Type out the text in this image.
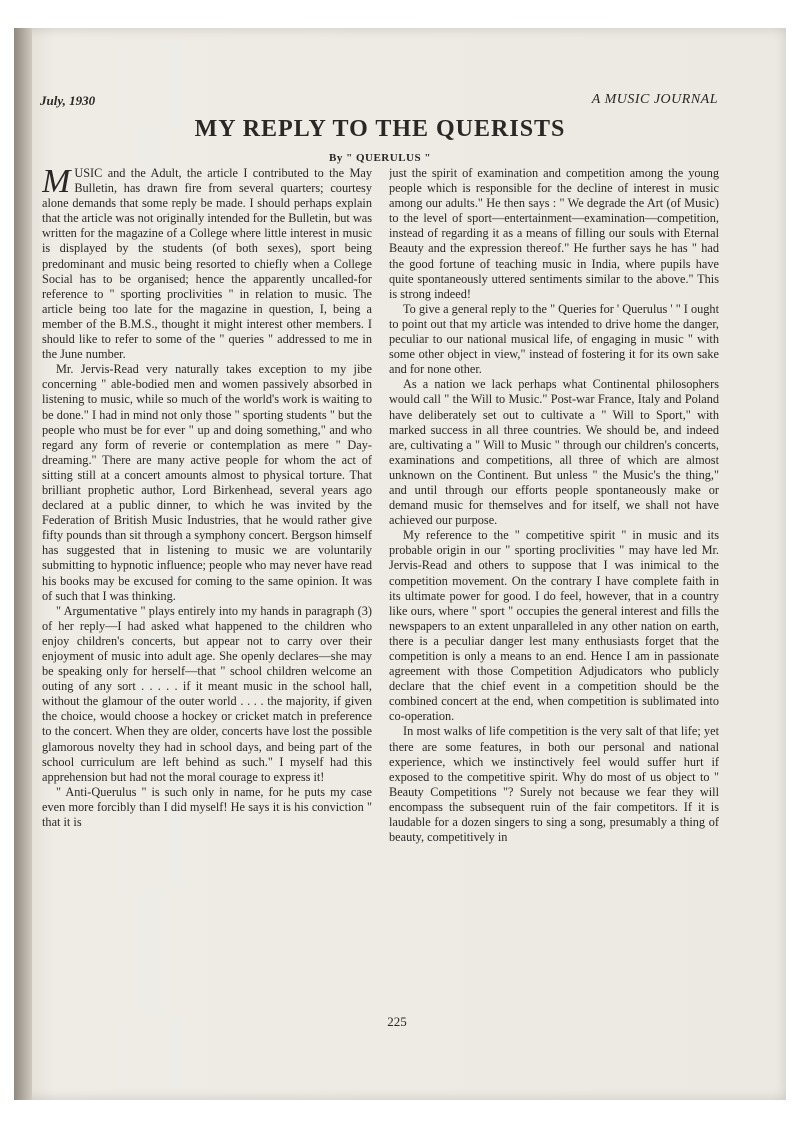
July, 1930	A MUSIC JOURNAL
MY REPLY TO THE QUERISTS
By " QUERULUS "

MUSIC and the Adult, the article I contributed to the May Bulletin, has drawn fire from several quarters; courtesy alone demands that some reply be made. I should perhaps explain that the article was not originally intended for the Bulletin, but was written for the magazine of a College where little interest in music is displayed by the students (of both sexes), sport being predominant and music being resorted to chiefly when a College Social has to be organised; hence the apparently uncalled-for reference to " sporting proclivities " in relation to music. The article being too late for the magazine in question, I, being a member of the B.M.S., thought it might interest other members. I should like to refer to some of the " queries " addressed to me in the June number.

Mr. Jervis-Read very naturally takes exception to my jibe concerning " able-bodied men and women passively absorbed in listening to music, while so much of the world's work is waiting to be done." I had in mind not only those " sporting students " but the people who must be for ever " up and doing something," and who regard any form of reverie or contemplation as mere " Day-dreaming." There are many active people for whom the act of sitting still at a concert amounts almost to physical torture. That brilliant prophetic author, Lord Birkenhead, several years ago declared at a public dinner, to which he was invited by the Federation of British Music Industries, that he would rather give fifty pounds than sit through a symphony concert. Bergson himself has suggested that in listening to music we are voluntarily submitting to hypnotic influence; people who may never have read his books may be excused for coming to the same opinion. It was of such that I was thinking.

" Argumentative " plays entirely into my hands in paragraph (3) of her reply—I had asked what happened to the children who enjoy children's concerts, but appear not to carry over their enjoyment of music into adult age. She openly declares—she may be speaking only for herself—that " school children welcome an outing of any sort . . . . . if it meant music in the school hall, without the glamour of the outer world . . . . the majority, if given the choice, would choose a hockey or cricket match in preference to the concert. When they are older, concerts have lost the possible glamorous novelty they had in school days, and being part of the school curriculum are left behind as such." I myself had this apprehension but had not the moral courage to express it!

" Anti-Querulus " is such only in name, for he puts my case even more forcibly than I did myself! He says it is his conviction " that it is

just the spirit of examination and competition among the young people which is responsible for the decline of interest in music among our adults." He then says : " We degrade the Art (of Music) to the level of sport—entertainment—examination—competition, instead of regarding it as a means of filling our souls with Eternal Beauty and the expression thereof." He further says he has " had the good fortune of teaching music in India, where pupils have quite spontaneously uttered sentiments similar to the above." This is strong indeed!

To give a general reply to the " Queries for ' Querulus ' " I ought to point out that my article was intended to drive home the danger, peculiar to our national musical life, of engaging in music " with some other object in view," instead of fostering it for its own sake and for none other.

As a nation we lack perhaps what Continental philosophers would call " the Will to Music." Post-war France, Italy and Poland have deliberately set out to cultivate a " Will to Sport," with marked success in all three countries. We should be, and indeed are, cultivating a " Will to Music " through our children's concerts, examinations and competitions, all three of which are almost unknown on the Continent. But unless " the Music's the thing," and until through our efforts people spontaneously make or demand music for themselves and for itself, we shall not have achieved our purpose.

My reference to the " competitive spirit " in music and its probable origin in our " sporting proclivities " may have led Mr. Jervis-Read and others to suppose that I was inimical to the competition movement. On the contrary I have complete faith in its ultimate power for good. I do feel, however, that in a country like ours, where " sport " occupies the general interest and fills the newspapers to an extent unparalleled in any other nation on earth, there is a peculiar danger lest many enthusiasts forget that the competition is only a means to an end. Hence I am in passionate agreement with those Competition Adjudicators who publicly declare that the chief event in a competition should be the combined concert at the end, when competition is sublimated into co-operation.

In most walks of life competition is the very salt of that life; yet there are some features, in both our personal and national experience, which we instinctively feel would suffer hurt if exposed to the competitive spirit. Why do most of us object to " Beauty Competitions "? Surely not because we fear they will encompass the subsequent ruin of the fair competitors. If it is laudable for a dozen singers to sing a song, presumably a thing of beauty, competitively in

225
